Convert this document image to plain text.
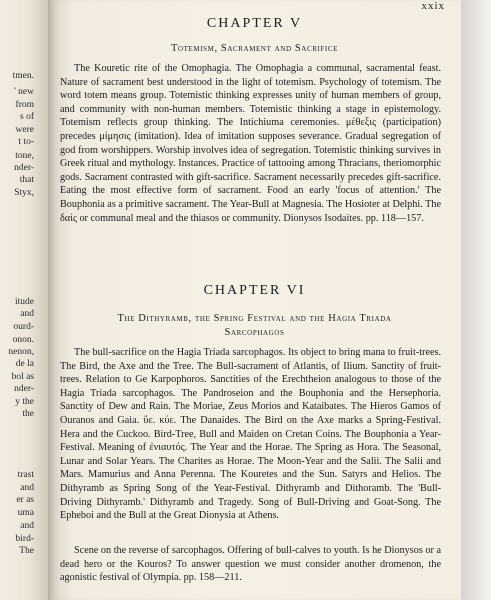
tmen.
' new
from
s of
were
t to-
tone,
nder-
that
Styx,
itude
and
ourd-
onon.
nenon,
de la
bol as
nder-
y the
the
trast
and
er as
uma
and
bird-
The
xxix
CHAPTER V
Totemism, Sacrament and Sacrifice

The Kouretic rite of the Omophagia. The Omophagia a communal, sacramental feast. Nature of sacrament best understood in the light of totemism. Psychology of totemism. The word totem means group. Totemistic thinking expresses unity of human members of group, and community with non-human members. Totemistic thinking a stage in epistemology. Totemism reflects group thinking. The Intichiuma ceremonies. μέθεξις (participation) precedes μίμησις (imitation). Idea of imitation supposes severance. Gradual segregation of god from worshippers. Worship involves idea of segregation. Totemistic thinking survives in Greek ritual and mythology. Instances. Practice of tattooing among Thracians, theriomorphic gods. Sacrament contrasted with gift-sacrifice. Sacrament necessarily precedes gift-sacrifice. Eating the most effective form of sacrament. Food an early 'focus of attention.' The Bouphonia as a primitive sacrament. The Year-Bull at Magnesia. The Hosioter at Delphi. The δαίς or communal meal and the thiasos or community. Dionysos Isodaites. pp. 118—157.

CHAPTER VI
The Dithyramb, the Spring Festival and the Hagia Triada
Sarcophagos

The bull-sacrifice on the Hagia Triada sarcophagos. Its object to bring mana to fruit-trees. The Bird, the Axe and the Tree. The Bull-sacrament of Atlantis, of Ilium. Sanctity of fruit-trees. Relation to Ge Karpophoros. Sanctities of the Erechtheion analogous to those of the Hagia Triada sarcophagos. The Pandroseion and the Bouphonia and the Hersephoria. Sanctity of Dew and Rain. The Moriae, Zeus Morios and Kataibates. The Hieros Gamos of Ouranos and Gaia. ὕε. κύε. The Danaides. The Bird on the Axe marks a Spring-Festival. Hera and the Cuckoo. Bird-Tree, Bull and Maiden on Cretan Coins. The Bouphonia a Year-Festival. Meaning of ἐνιαυτός. The Year and the Horae. The Spring as Hora. The Seasonal, Lunar and Solar Years. The Charites as Horae. The Moon-Year and the Salii. The Salii and Mars. Mamurius and Anna Perenna. The Kouretes and the Sun. Satyrs and Helios. The Dithyramb as Spring Song of the Year-Festival. Dithyramb and Dithoramb. The 'Bull-Driving Dithyramb.' Dithyramb and Tragedy. Song of Bull-Driving and Goat-Song. The Epheboi and the Bull at the Great Dionysia at Athens.

Scene on the reverse of sarcophagos. Offering of bull-calves to youth. Is he Dionysos or a dead hero or the Kouros? To answer question we must consider another dromenon, the agonistic festival of Olympia. pp. 158—211.
